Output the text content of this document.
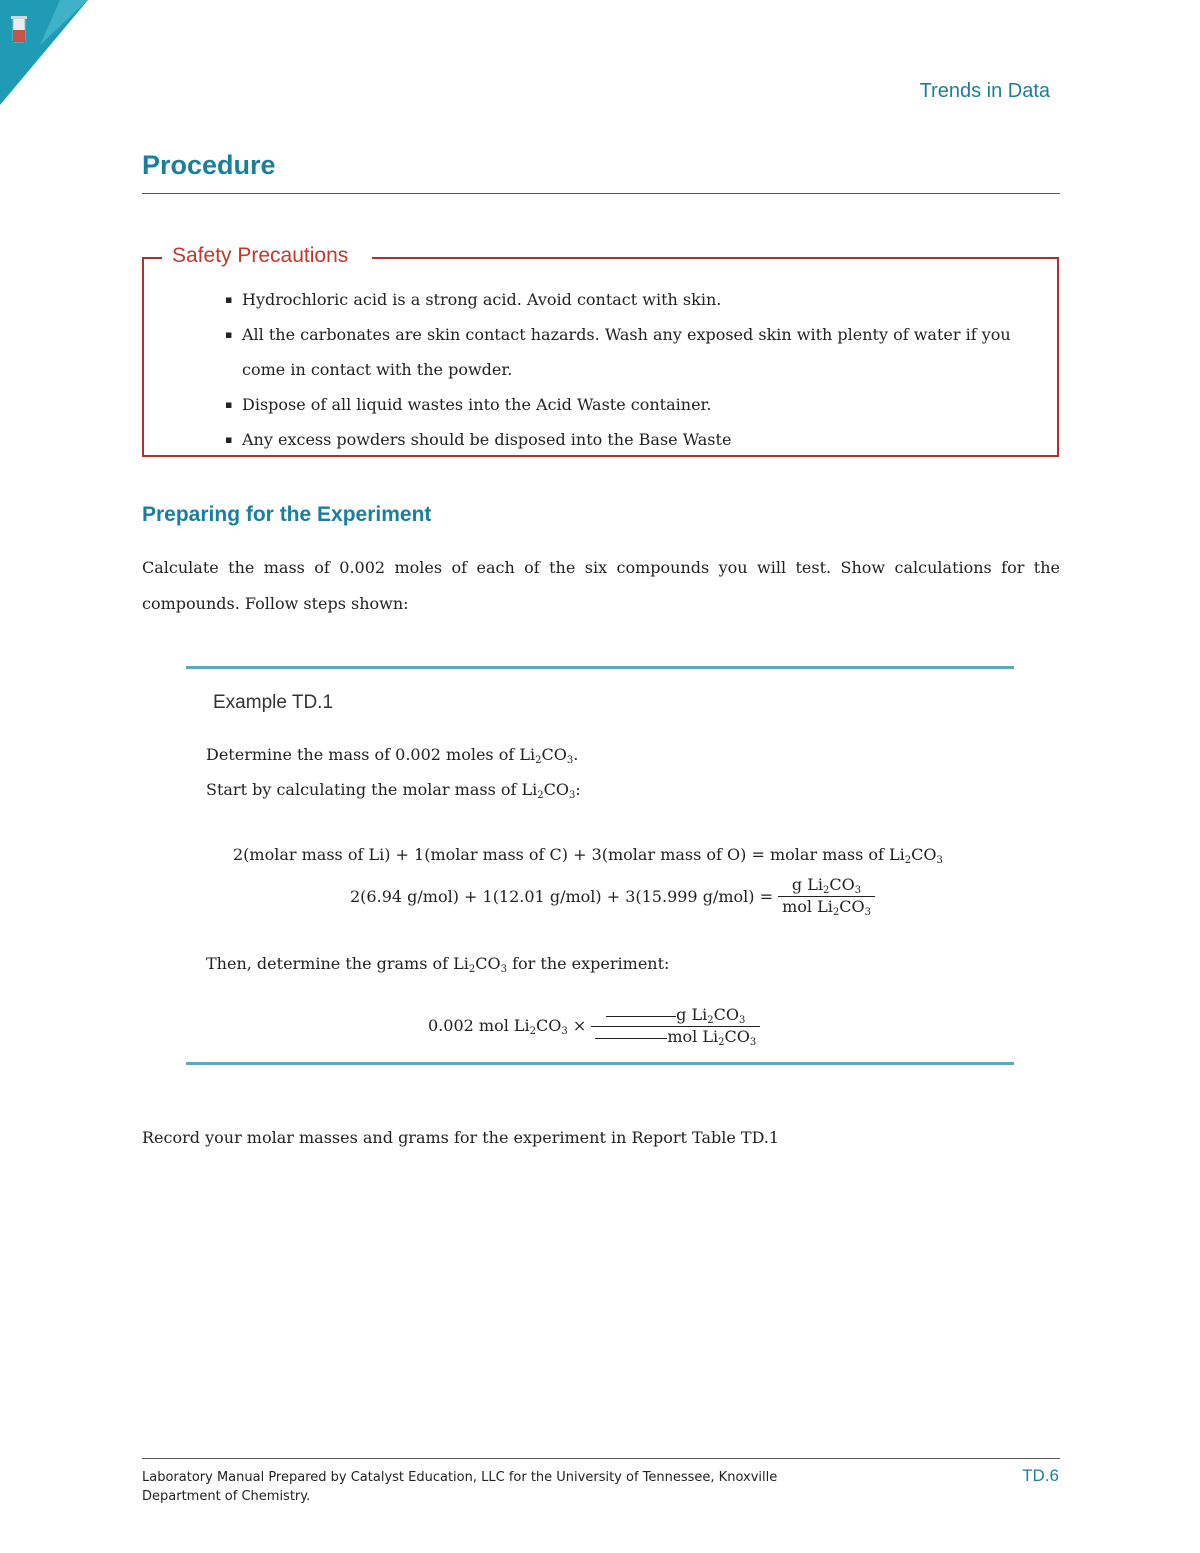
Trends in Data
Procedure
Safety Precautions
▪ Hydrochloric acid is a strong acid. Avoid contact with skin.
▪ All the carbonates are skin contact hazards. Wash any exposed skin with plenty of water if you come in contact with the powder.
▪ Dispose of all liquid wastes into the Acid Waste container.
▪ Any excess powders should be disposed into the Base Waste
Preparing for the Experiment

Calculate the mass of 0.002 moles of each of the six compounds you will test. Show calculations for the compounds. Follow steps shown:

Example TD.1
Determine the mass of 0.002 moles of $Li_2CO_3$.
Start by calculating the molar mass of $Li_2CO_3$:
2(molar mass of Li) + 1(molar mass of C) + 3(molar mass of O) = molar mass of $Li_2CO_3$
2(6.94 g/mol) + 1(12.01 g/mol) + 3(15.999 $g/mol) = \frac{g Li_2CO_3}{mol Li_2CO_3}$
Then, determine the grams of $Li_2CO_3$ for the experiment:
0.002 mol $Li_2CO_3 \times \frac{g Li_2CO_3}{mol Li_2CO_3}$

Record your molar masses and grams for the experiment in Report Table TD.1

Laboratory Manual Prepared by Catalyst Education, LLC for the University of Tennessee, Knoxville
Department of Chemistry.
TD.6
